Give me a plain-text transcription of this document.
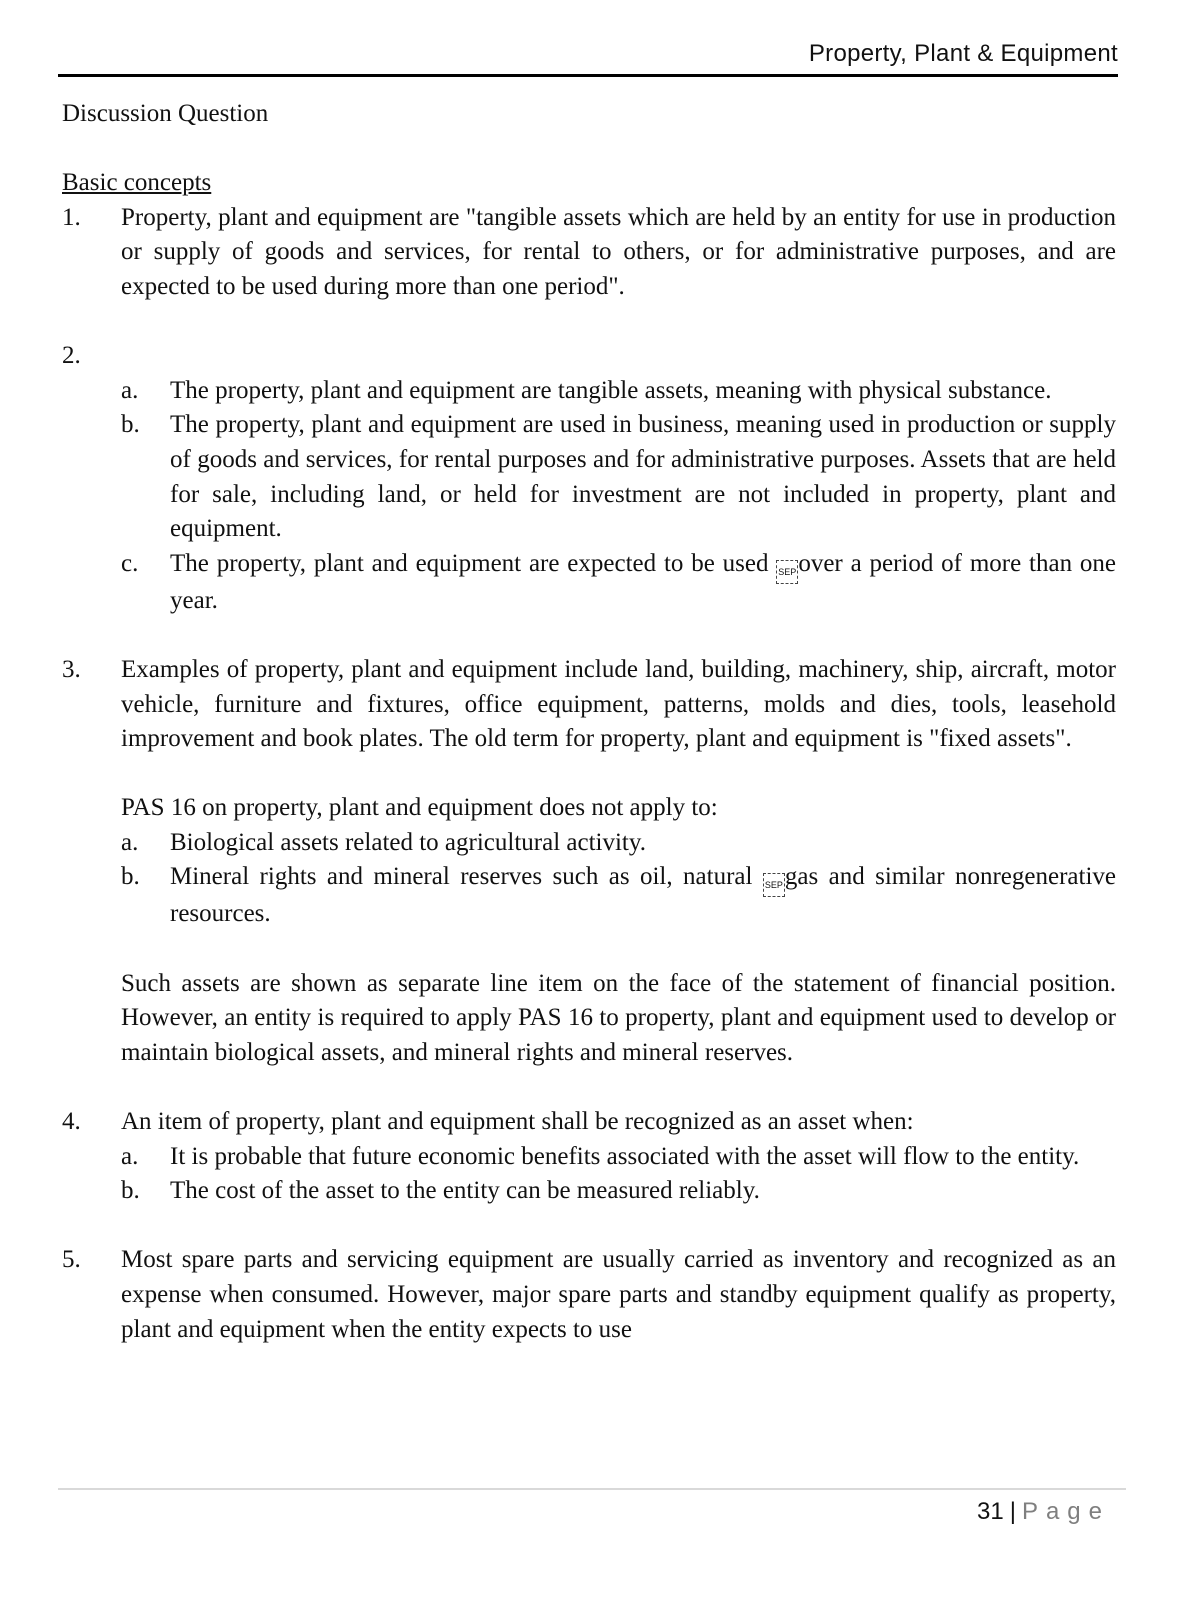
Property, Plant & Equipment

Discussion Question

Basic concepts

1.	Property, plant and equipment are "tangible assets which are held by an entity for use in production or supply of goods and services, for rental to others, or for administrative purposes, and are expected to be used during more than one period".
2.
a.	The property, plant and equipment are tangible assets, meaning with physical substance.
b.	The property, plant and equipment are used in business, meaning used in production or supply of goods and services, for rental purposes and for administrative purposes. Assets that are held for sale, including land, or held for investment are not included in property, plant and equipment.
c.	The property, plant and equipment are expected to be used SEPover a period of more than one year.
3.	Examples of property, plant and equipment include land, building, machinery, ship, aircraft, motor vehicle, furniture and fixtures, office equipment, patterns, molds and dies, tools, leasehold improvement and book plates. The old term for property, plant and equipment is "fixed assets".
PAS 16 on property, plant and equipment does not apply to:
a.	Biological assets related to agricultural activity.
b.	Mineral rights and mineral reserves such as oil, natural SEPgas and similar nonregenerative resources.
Such assets are shown as separate line item on the face of the statement of financial position. However, an entity is required to apply PAS 16 to property, plant and equipment used to develop or maintain biological assets, and mineral rights and mineral reserves.
4.	An item of property, plant and equipment shall be recognized as an asset when:
a.	It is probable that future economic benefits associated with the asset will flow to the entity.
b.	The cost of the asset to the entity can be measured reliably.
5.	Most spare parts and servicing equipment are usually carried as inventory and recognized as an expense when consumed. However, major spare parts and standby equipment qualify as property, plant and equipment when the entity expects to use
31 | Page
